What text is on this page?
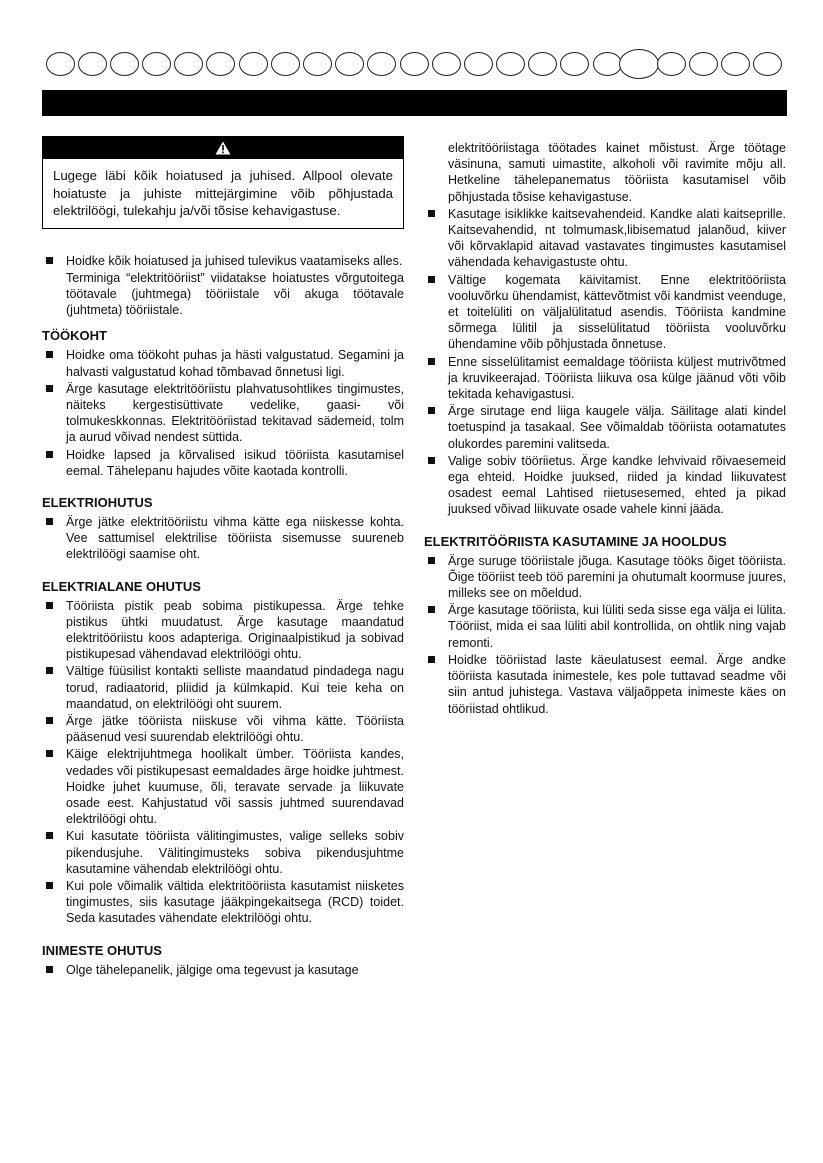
Lugege läbi kõik hoiatused ja juhised. Allpool olevate hoiatuste ja juhiste mittejärgimine võib põhjustada elektrilöögi, tulekahju ja/või tõsise kehavigastuse.
Hoidke kõik hoiatused ja juhised tulevikus vaatamiseks alles.
Terminiga “elektritööriist” viidatakse hoiatustes võrgutoitega töötavale (juhtmega) tööriistale või akuga töötavale (juhtmeta) tööriistale.
TÖÖKOHT
Hoidke oma töökoht puhas ja hästi valgustatud. Segamini ja halvasti valgustatud kohad tõmbavad õnnetusi ligi.
Ärge kasutage elektritööriistu plahvatusohtlikes tingimustes, näiteks kergestisüttivate vedelike, gaasi- või tolmukeskkonnas. Elektritööriistad tekitavad sädemeid, tolm ja aurud võivad nendest süttida.
Hoidke lapsed ja kõrvalised isikud tööriista kasutamisel eemal. Tähelepanu hajudes võite kaotada kontrolli.
ELEKTRIOHUTUS
Ärge jätke elektritööriistu vihma kätte ega niiskesse kohta. Vee sattumisel elektrilise tööriista sisemusse suureneb elektrilöögi saamise oht.
ELEKTRIALANE OHUTUS
Tööriista pistik peab sobima pistikupessa. Ärge tehke pistikus ühtki muudatust. Ärge kasutage maandatud elektritööriistu koos adapteriga. Originaalpistikud ja sobivad pistikupesad vähendavad elektrilöögi ohtu.
Vältige füüsilist kontakti selliste maandatud pindadega nagu torud, radiaatorid, pliidid ja külmkapid. Kui teie keha on maandatud, on elektrilöögi oht suurem.
Ärge jätke tööriista niiskuse või vihma kätte. Tööriista pääsenud vesi suurendab elektrilöögi ohtu.
Käige elektrijuhtmega hoolikalt ümber. Tööriista kandes, vedades või pistikupesast eemaldades ärge hoidke juhtmest. Hoidke juhet kuumuse, õli, teravate servade ja liikuvate osade eest. Kahjustatud või sassis juhtmed suurendavad elektrilöögi ohtu.
Kui kasutate tööriista välitingimustes, valige selleks sobiv pikendusjuhe. Välitingimusteks sobiva pikendusjuhtme kasutamine vähendab elektrilöögi ohtu.
Kui pole võimalik vältida elektritööriista kasutamist niisketes tingimustes, siis kasutage jääkpingekaitsega (RCD) toidet. Seda kasutades vähendate elektrilöögi ohtu.
INIMESTE OHUTUS
Olge tähelepanelik, jälgige oma tegevust ja kasutage
elektritööriistaga töötades kainet mõistust. Ärge töötage väsinuna, samuti uimastite, alkoholi või ravimite mõju all. Hetkeline tähelepanematus tööriista kasutamisel võib põhjustada tõsise kehavigastuse.
Kasutage isiklikke kaitsevahendeid. Kandke alati kaitseprille. Kaitsevahendid, nt tolmumask,libisematud jalanõud, kiiver või kõrvaklapid aitavad vastavates tingimustes kasutamisel vähendada kehavigastuste ohtu.
Vältige kogemata käivitamist. Enne elektritööriista vooluvõrku ühendamist, kättevõtmist või kandmist veenduge, et toitelüliti on väljalülitatud asendis. Tööriista kandmine sõrmega lülitil ja sisselülitatud tööriista vooluvõrku ühendamine võib põhjustada õnnetuse.
Enne sisselülitamist eemaldage tööriista küljest mutrivõtmed ja kruvikeerajad. Tööriista liikuva osa külge jäänud võti võib tekitada kehavigastusi.
Ärge sirutage end liiga kaugele välja. Säilitage alati kindel toetuspind ja tasakaal. See võimaldab tööriista ootamatutes olukordes paremini valitseda.
Valige sobiv tööriietus. Ärge kandke lehvivaid rõivaesemeid ega ehteid. Hoidke juuksed, riided ja kindad liikuvatest osadest eemal Lahtised riietusesemed, ehted ja pikad juuksed võivad liikuvate osade vahele kinni jääda.
ELEKTRITÖÖRIISTA KASUTAMINE JA HOOLDUS
Ärge suruge tööriistale jõuga. Kasutage tööks õiget tööriista. Õige tööriist teeb töö paremini ja ohutumalt koormuse juures, milleks see on mõeldud.
Ärge kasutage tööriista, kui lüliti seda sisse ega välja ei lülita. Tööriist, mida ei saa lüliti abil kontrollida, on ohtlik ning vajab remonti.
Hoidke tööriistad laste käeulatusest eemal. Ärge andke tööriista kasutada inimestele, kes pole tuttavad seadme või siin antud juhistega. Vastava väljaõppeta inimeste käes on tööriistad ohtlikud.
